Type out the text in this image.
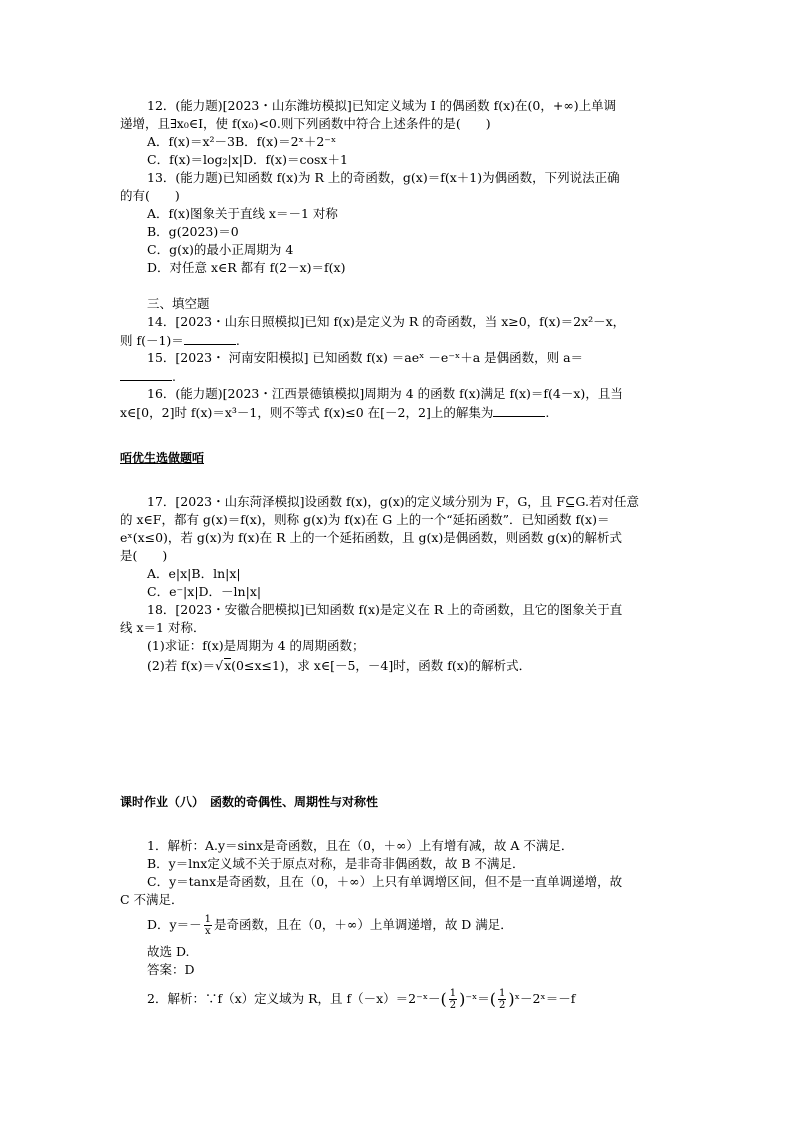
12．(能力题)[2023・山东潍坊模拟]已知定义域为 I 的偶函数 f(x)在(0，+∞)上单调
递增，且∃x₀∈I，使 f(x₀)<0.则下列函数中符合上述条件的是(　　)
A．f(x)＝x²－3B．f(x)＝2ˣ＋2⁻ˣ
C．f(x)＝log₂|x|D．f(x)＝cosx＋1
13．(能力题)已知函数 f(x)为 R 上的奇函数，g(x)＝f(x＋1)为偶函数，下列说法正确
的有(　　)
A．f(x)图象关于直线 x＝－1 对称
B．g(2023)＝0
C．g(x)的最小正周期为 4
D．对任意 x∈R 都有 f(2－x)＝f(x)
三、填空题
14．[2023・山东日照模拟]已知 f(x)是定义为 R 的奇函数，当 x≥0，f(x)＝2x²－x，
则 f(－1)＝	.
15．[2023・ 河南安阳模拟] 已知函数 f(x) ＝aeˣ －e⁻ˣ＋a 是偶函数，则 a＝
.
16．(能力题)[2023・江西景德镇模拟]周期为 4 的函数 f(x)满足 f(x)＝f(4－x)，且当
x∈[0，2]时 f(x)＝x³－1，则不等式 f(x)≤0 在[－2，2]上的解集为	.
咟优生选做题咟
17．[2023・山东菏泽模拟]设函数 f(x)，g(x)的定义域分别为 F，G，且 F⊆G.若对任意
的 x∈F，都有 g(x)＝f(x)，则称 g(x)为 f(x)在 G 上的一个“延拓函数”．已知函数 f(x)＝
eˣ(x≤0)，若 g(x)为 f(x)在 R 上的一个延拓函数，且 g(x)是偶函数，则函数 g(x)的解析式
是(　　)
A．e|x|B．ln|x|
C．e⁻|x|D．－ln|x|
18．[2023・安徽合肥模拟]已知函数 f(x)是定义在 R 上的奇函数，且它的图象关于直
线 x＝1 对称．
(1)求证：f(x)是周期为 4 的周期函数；
(2)若 f(x)＝√x(0≤x≤1)，求 x∈[－5，－4]时，函数 f(x)的解析式．
课时作业（八）　函数的奇偶性、周期性与对称性
1．解析：A.y＝sinx是奇函数，且在（0，＋∞）上有增有减，故 A 不满足．
B．y＝lnx定义域不关于原点对称，是非奇非偶函数，故 B 不满足．
C．y＝tanx是奇函数，且在（0，＋∞）上只有单调增区间，但不是一直单调递增，故
C 不满足．
D．$y=- \frac{1}{x}$ 是奇函数，且在（0，＋∞）上单调递增，故 D 满足．
故选 D.
答案：D
2．解析：∵f（x）定义域为 R，且 f（－x）＝2⁻ˣ－( $\frac{1}{2}$ )⁻ˣ＝( $\frac{1}{2}$ )ˣ－2ˣ＝－f
